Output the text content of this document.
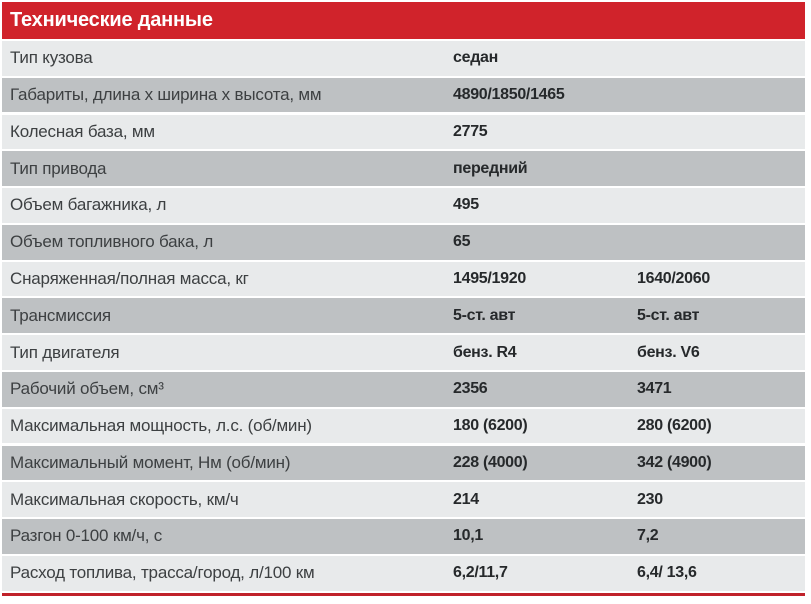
Технические данные
Тип кузова	седан
Габариты, длина х ширина х высота, мм	4890/1850/1465
Колесная база, мм	2775
Тип привода	передний
Объем багажника, л	495
Объем топливного бака, л	65
Снаряженная/полная масса, кг	1495/1920	1640/2060
Трансмиссия	5-ст. авт	5-ст. авт
Тип двигателя	бенз. R4	бенз. V6
Рабочий объем, см³	2356	3471
Максимальная мощность, л.с. (об/мин)	180 (6200)	280 (6200)
Максимальный момент, Нм (об/мин)	228 (4000)	342 (4900)
Максимальная скорость, км/ч	214	230
Разгон 0-100 км/ч, с	10,1	7,2
Расход топлива, трасса/город, л/100 км	6,2/11,7	6,4/ 13,6
